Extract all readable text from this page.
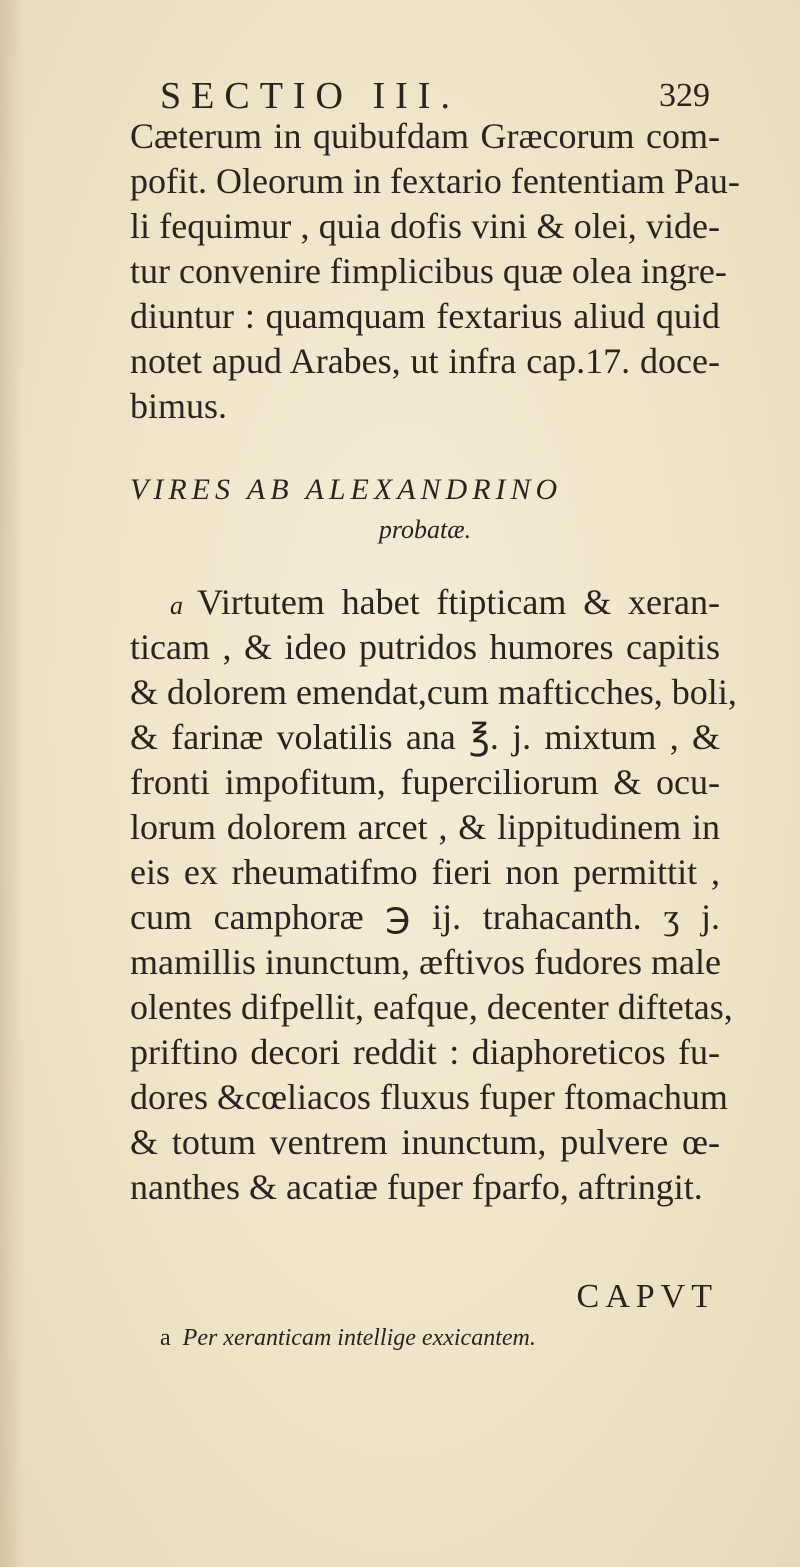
SECTIO III.	329
Cæterum in quibufdam Græcorum com-
pofit. Oleorum in fextario fententiam Pau-
li fequimur , quia dofis vini & olei, vide-
tur convenire fimplicibus quæ olea ingre-
diuntur : quamquam fextarius aliud quid
notet apud Arabes, ut infra cap.17. doce-
bimus.
VIRES AB ALEXANDRINO
probatæ.
a Virtutem habet ftipticam & xeran-
ticam , & ideo putridos humores capitis
& dolorem emendat,cum mafticches, boli,
& farinæ volatilis ana ℥. j. mixtum , &
fronti impofitum, fuperciliorum & ocu-
lorum dolorem arcet , & lippitudinem in
eis ex rheumatifmo fieri non permittit ,
cum camphoræ ℈ ij. trahacanth. ʒ j.
mamillis inunctum, æftivos fudores male
olentes difpellit, eafque, decenter diftetas,
priftino decori reddit : diaphoreticos fu-
dores &cœliacos fluxus fuper ftomachum
& totum ventrem inunctum, pulvere œ-
nanthes & acatiæ fuper fparfo, aftringit.
CAPVT
a Per xeranticam intellige exxicantem.
